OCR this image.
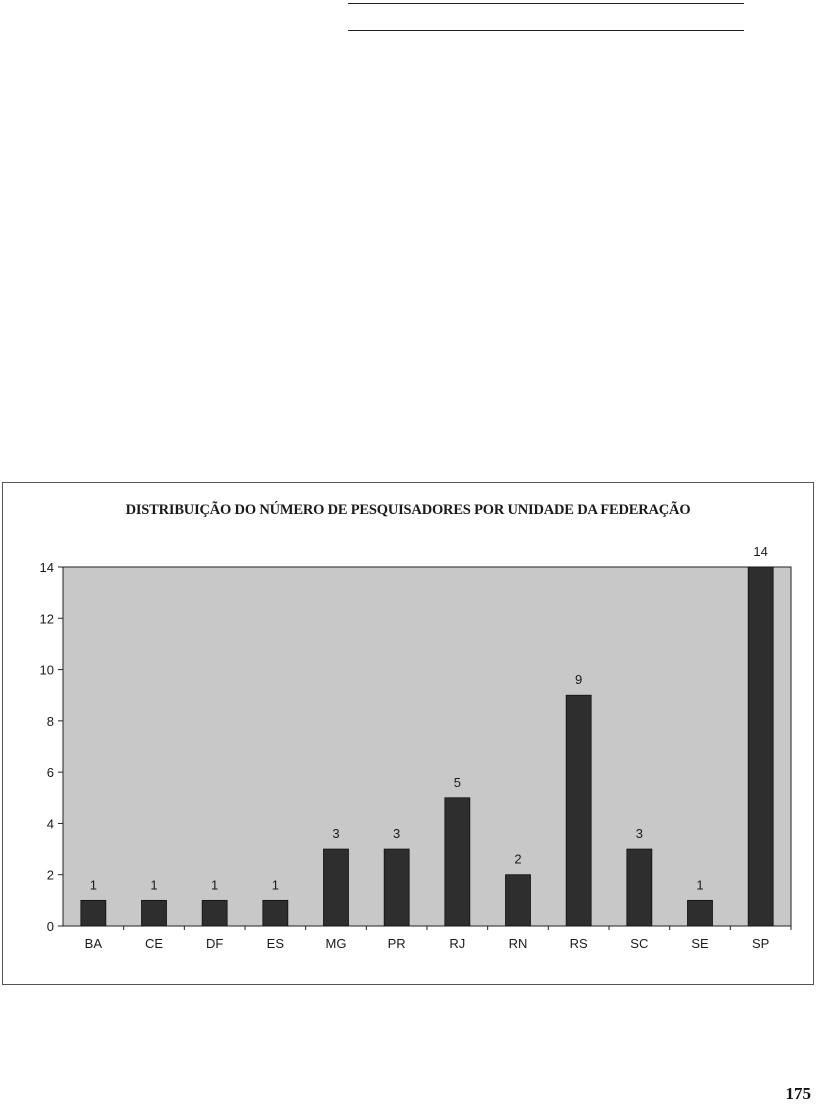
DISTRIBUIÇÃO DO NÚMERO DE PESQUISADORES POR UNIDADE DA FEDERAÇÃO
0
2
4
6
8
10
12
14
1
BA
1
CE
1
DF
1
ES
3
MG
3
PR
5
RJ
2
RN
9
RS
3
SC
1
SE
14
SP
175
